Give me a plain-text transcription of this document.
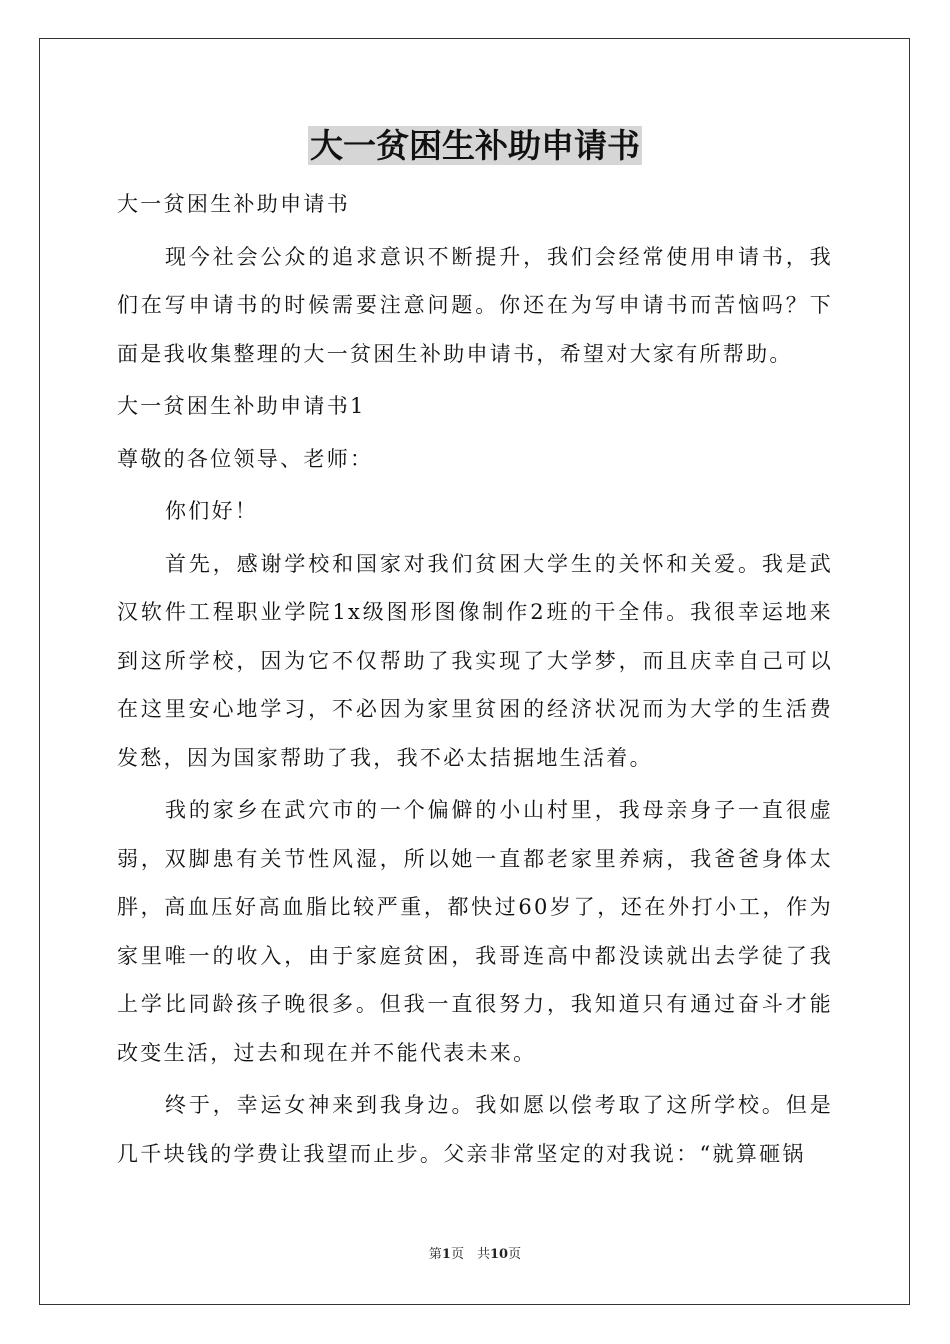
大一贫困生补助申请书

大一贫困生补助申请书

现今社会公众的追求意识不断提升，我们会经常使用申请书，我们在写申请书的时候需要注意问题。你还在为写申请书而苦恼吗？下面是我收集整理的大一贫困生补助申请书，希望对大家有所帮助。

大一贫困生补助申请书1

尊敬的各位领导、老师：

你们好！

首先，感谢学校和国家对我们贫困大学生的关怀和关爱。我是武汉软件工程职业学院1x级图形图像制作2班的干全伟。我很幸运地来到这所学校，因为它不仅帮助了我实现了大学梦，而且庆幸自己可以在这里安心地学习，不必因为家里贫困的经济状况而为大学的生活费发愁，因为国家帮助了我，我不必太拮据地生活着。

我的家乡在武穴市的一个偏僻的小山村里，我母亲身子一直很虚弱，双脚患有关节性风湿，所以她一直都老家里养病，我爸爸身体太胖，高血压好高血脂比较严重，都快过60岁了，还在外打小工，作为家里唯一的收入，由于家庭贫困，我哥连高中都没读就出去学徒了我上学比同龄孩子晚很多。但我一直很努力，我知道只有通过奋斗才能改变生活，过去和现在并不能代表未来。

终于，幸运女神来到我身边。我如愿以偿考取了这所学校。但是几千块钱的学费让我望而止步。父亲非常坚定的对我说：“就算砸锅

第1页　共10页
